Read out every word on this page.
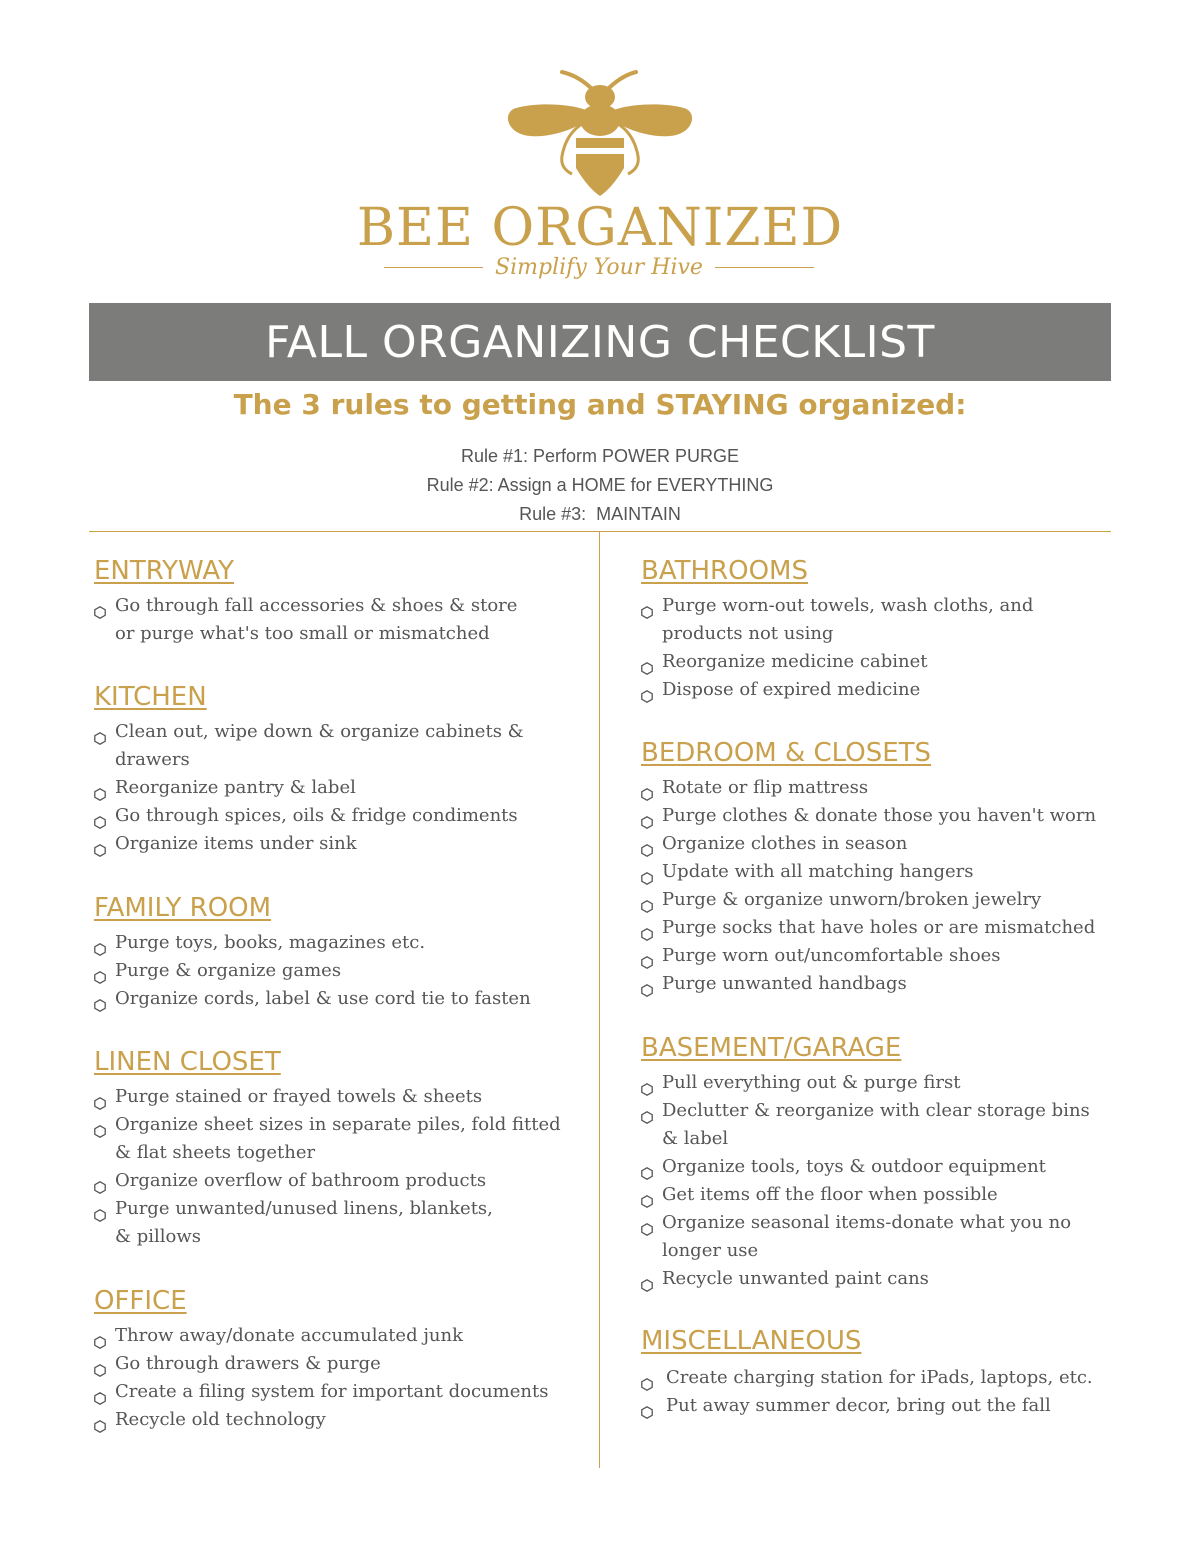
BEE ORGANIZED
Simplify Your Hive
FALL ORGANIZING CHECKLIST
The 3 rules to getting and STAYING organized:
Rule #1: Perform POWER PURGE
Rule #2: Assign a HOME for EVERYTHING
Rule #3:  MAINTAIN
ENTRYWAY
Go through fall accessories & shoes & store
or purge what's too small or mismatched
KITCHEN
Clean out, wipe down & organize cabinets &
drawers
Reorganize pantry & label
Go through spices, oils & fridge condiments
Organize items under sink
FAMILY ROOM
Purge toys, books, magazines etc.
Purge & organize games
Organize cords, label & use cord tie to fasten
LINEN CLOSET
Purge stained or frayed towels & sheets
Organize sheet sizes in separate piles, fold fitted
& flat sheets together
Organize overflow of bathroom products
Purge unwanted/unused linens, blankets,
& pillows
OFFICE
Throw away/donate accumulated junk
Go through drawers & purge
Create a filing system for important documents
Recycle old technology
BATHROOMS
Purge worn-out towels, wash cloths, and
products not using
Reorganize medicine cabinet
Dispose of expired medicine
BEDROOM & CLOSETS
Rotate or flip mattress
Purge clothes & donate those you haven't worn
Organize clothes in season
Update with all matching hangers
Purge & organize unworn/broken jewelry
Purge socks that have holes or are mismatched
Purge worn out/uncomfortable shoes
Purge unwanted handbags
BASEMENT/GARAGE
Pull everything out & purge first
Declutter & reorganize with clear storage bins
& label
Organize tools, toys & outdoor equipment
Get items off the floor when possible
Organize seasonal items-donate what you no
longer use
Recycle unwanted paint cans
MISCELLANEOUS
Create charging station for iPads, laptops, etc.
Put away summer decor, bring out the fall
